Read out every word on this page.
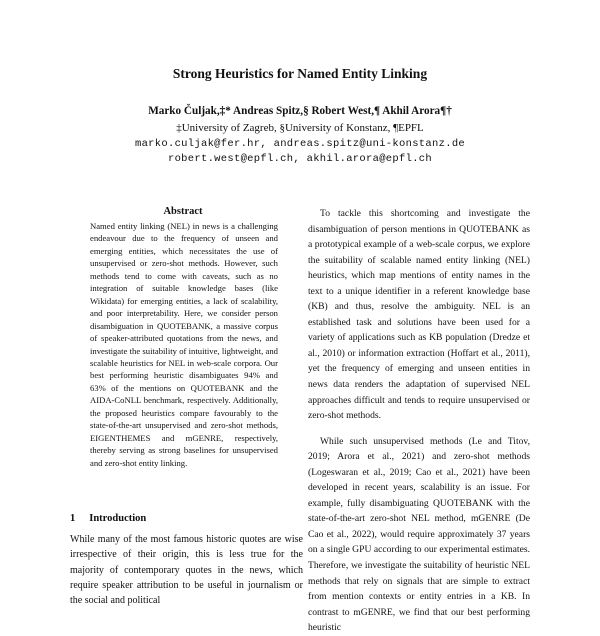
Strong Heuristics for Named Entity Linking
Marko Čuljak,‡* Andreas Spitz,§ Robert West,¶ Akhil Arora¶†
‡University of Zagreb, §University of Konstanz, ¶EPFL
marko.culjak@fer.hr, andreas.spitz@uni-konstanz.de
robert.west@epfl.ch, akhil.arora@epfl.ch
Abstract
Named entity linking (NEL) in news is a challenging endeavour due to the frequency of unseen and emerging entities, which necessitates the use of unsupervised or zero-shot methods. However, such methods tend to come with caveats, such as no integration of suitable knowledge bases (like Wikidata) for emerging entities, a lack of scalability, and poor interpretability. Here, we consider person disambiguation in QUOTEBANK, a massive corpus of speaker-attributed quotations from the news, and investigate the suitability of intuitive, lightweight, and scalable heuristics for NEL in web-scale corpora. Our best performing heuristic disambiguates 94% and 63% of the mentions on QUOTEBANK and the AIDA-CoNLL benchmark, respectively. Additionally, the proposed heuristics compare favourably to the state-of-the-art unsupervised and zero-shot methods, EIGENTHEMES and mGENRE, respectively, thereby serving as strong baselines for unsupervised and zero-shot entity linking.
1 Introduction
While many of the most famous historic quotes are wise irrespective of their origin, this is less true for the majority of contemporary quotes in the news, which require speaker attribution to be useful in journalism or the social and political

To tackle this shortcoming and investigate the disambiguation of person mentions in QUOTEBANK as a prototypical example of a web-scale corpus, we explore the suitability of scalable named entity linking (NEL) heuristics, which map mentions of entity names in the text to a unique identifier in a referent knowledge base (KB) and thus, resolve the ambiguity. NEL is an established task and solutions have been used for a variety of applications such as KB population (Dredze et al., 2010) or information extraction (Hoffart et al., 2011), yet the frequency of emerging and unseen entities in news data renders the adaptation of supervised NEL approaches difficult and tends to require unsupervised or zero-shot methods.

While such unsupervised methods (Le and Titov, 2019; Arora et al., 2021) and zero-shot methods (Logeswaran et al., 2019; Cao et al., 2021) have been developed in recent years, scalability is an issue. For example, fully disambiguating QUOTEBANK with the state-of-the-art zero-shot NEL method, mGENRE (De Cao et al., 2022), would require approximately 37 years on a single GPU according to our experimental estimates. Therefore, we investigate the suitability of heuristic NEL methods that rely on signals that are simple to extract from mention contexts or entity entries in a KB. In contrast to mGENRE, we find that our best performing heuristic
